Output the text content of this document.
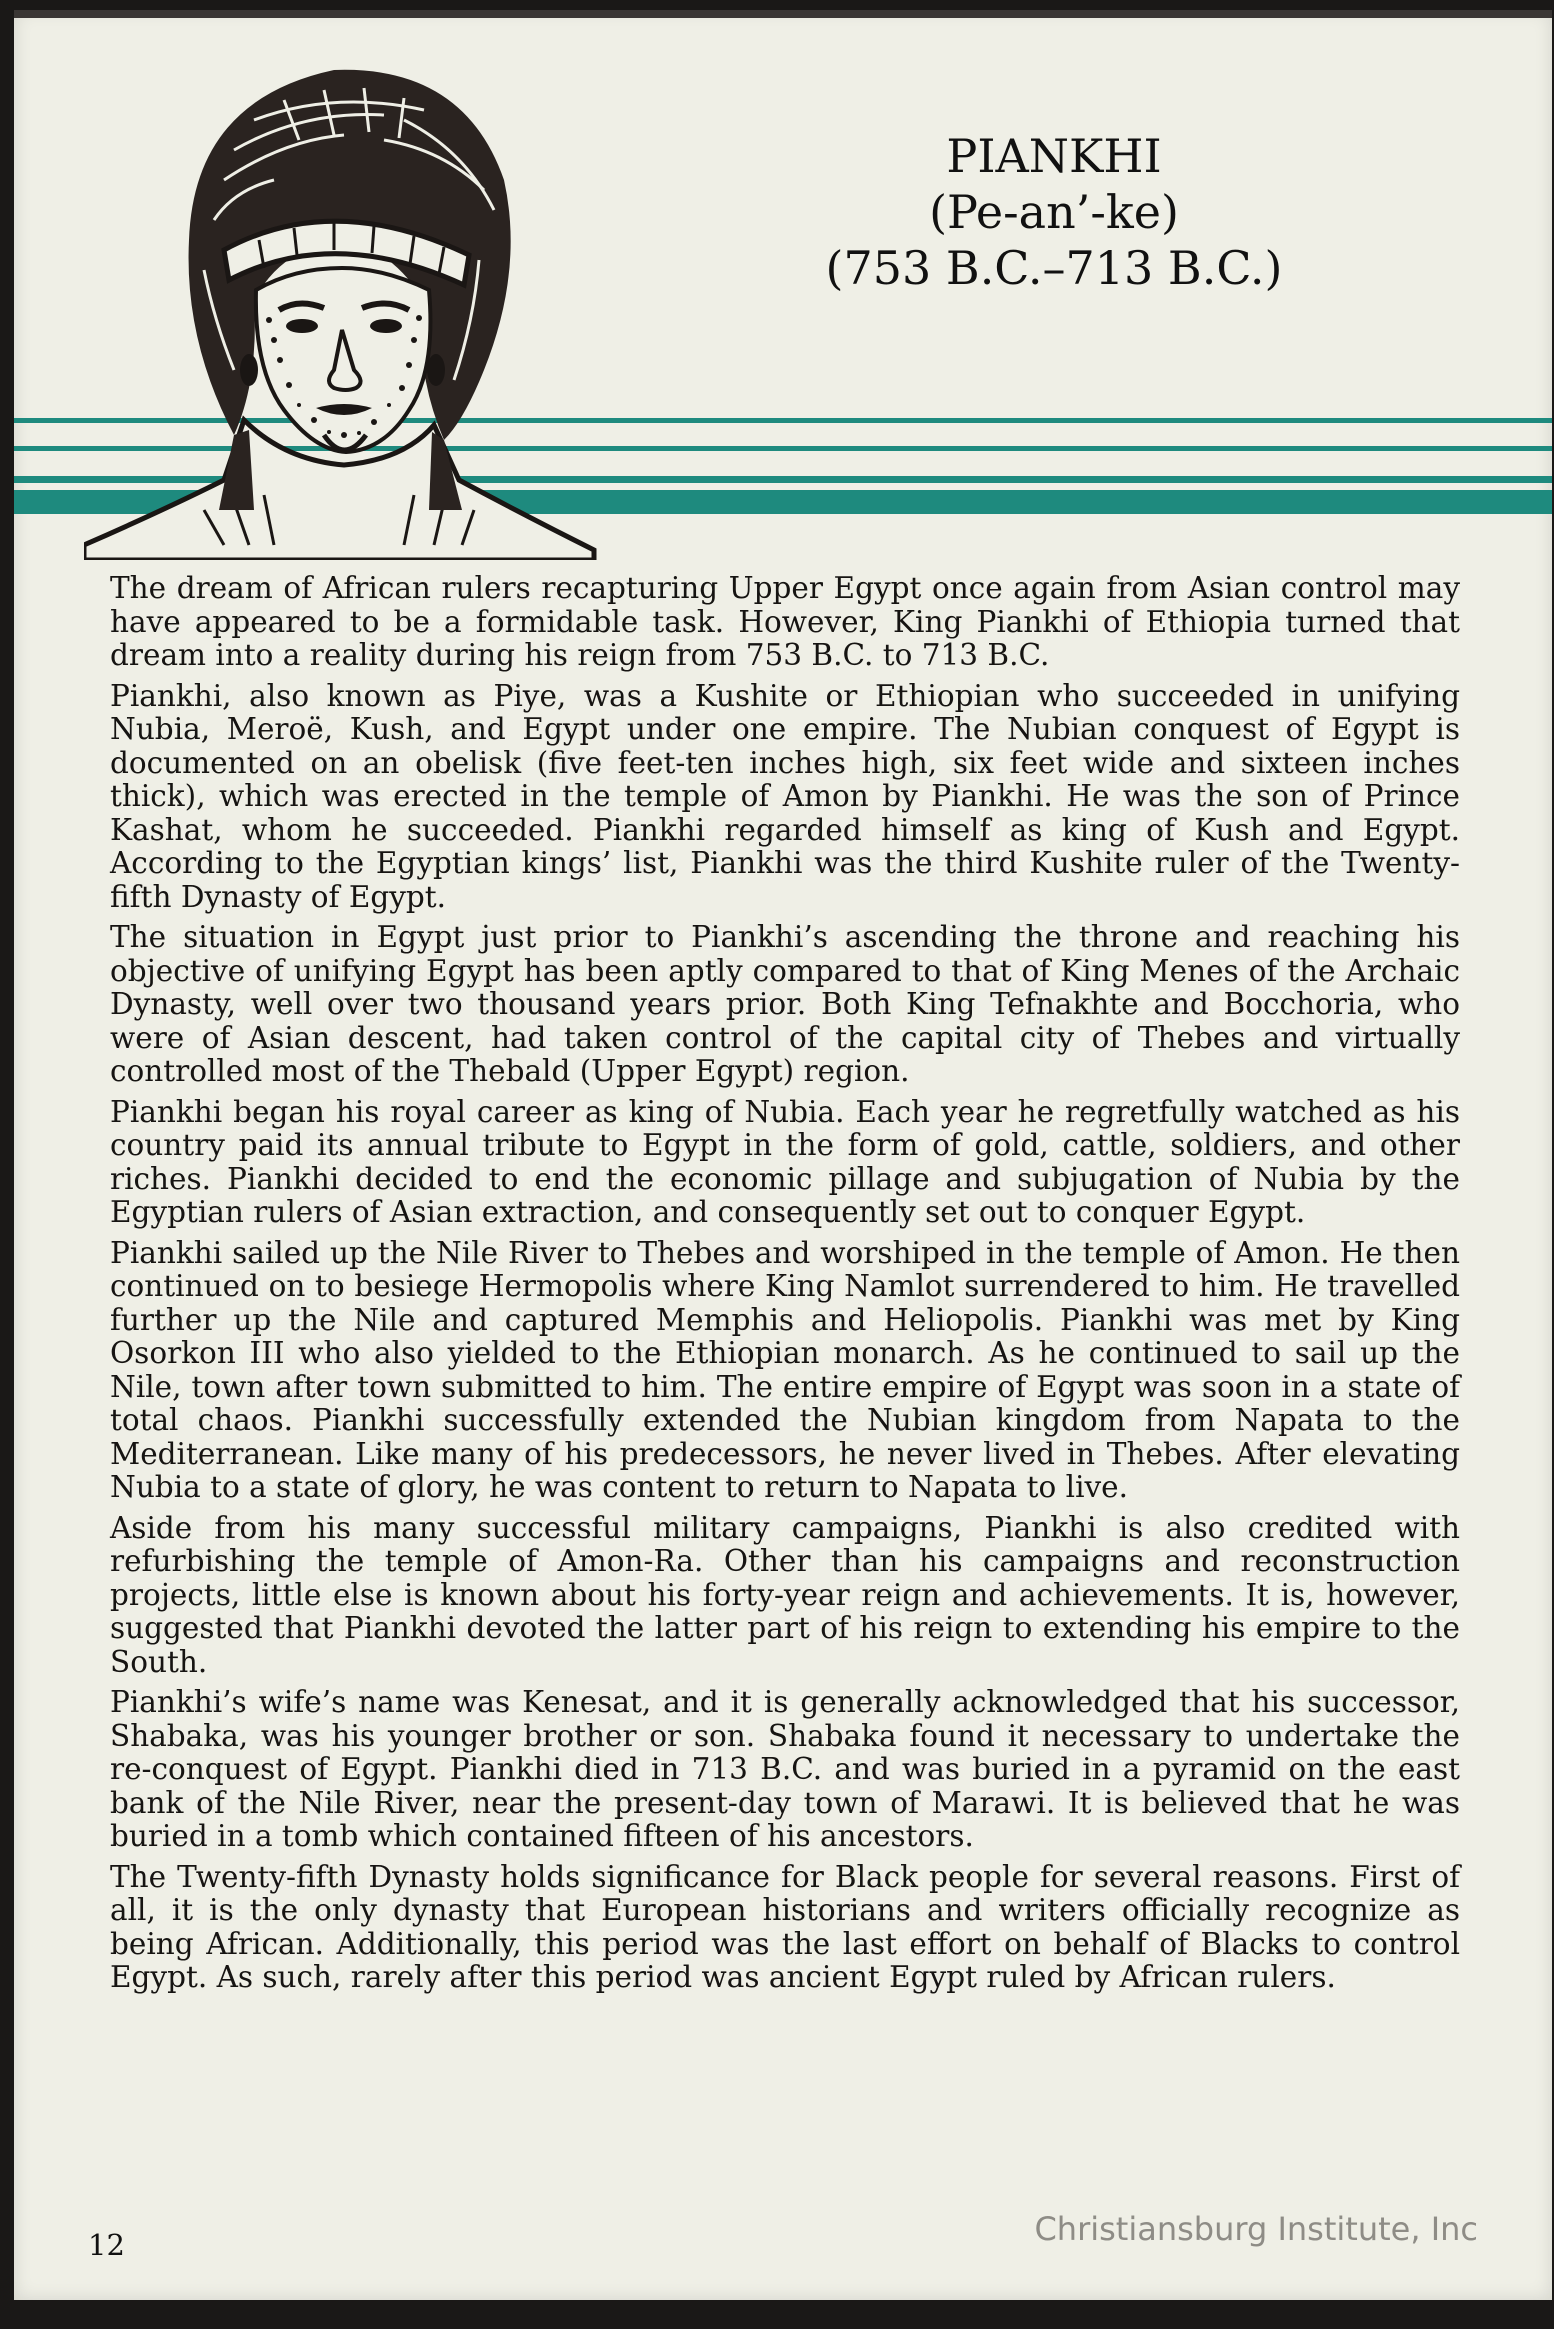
PIANKHI
(Pe-an’-ke)
(753 B.C.–713 B.C.)

The dream of African rulers recapturing Upper Egypt once again from Asian control may have appeared to be a formidable task. However, King Piankhi of Ethiopia turned that dream into a reality during his reign from 753 B.C. to 713 B.C.

Piankhi, also known as Piye, was a Kushite or Ethiopian who succeeded in unifying Nubia, Meroë, Kush, and Egypt under one empire. The Nubian conquest of Egypt is documented on an obelisk (five feet-ten inches high, six feet wide and sixteen inches thick), which was erected in the temple of Amon by Piankhi. He was the son of Prince Kashat, whom he succeeded. Piankhi regarded himself as king of Kush and Egypt. According to the Egyptian kings’ list, Piankhi was the third Kushite ruler of the Twenty-fifth Dynasty of Egypt.

The situation in Egypt just prior to Piankhi’s ascending the throne and reaching his objective of unifying Egypt has been aptly compared to that of King Menes of the Archaic Dynasty, well over two thousand years prior. Both King Tefnakhte and Bocchoria, who were of Asian descent, had taken control of the capital city of Thebes and virtually controlled most of the Thebald (Upper Egypt) region.

Piankhi began his royal career as king of Nubia. Each year he regretfully watched as his country paid its annual tribute to Egypt in the form of gold, cattle, soldiers, and other riches. Piankhi decided to end the economic pillage and subjugation of Nubia by the Egyptian rulers of Asian extraction, and consequently set out to conquer Egypt.

Piankhi sailed up the Nile River to Thebes and worshiped in the temple of Amon. He then continued on to besiege Hermopolis where King Namlot surrendered to him. He travelled further up the Nile and captured Memphis and Heliopolis. Piankhi was met by King Osorkon III who also yielded to the Ethiopian monarch. As he continued to sail up the Nile, town after town submitted to him. The entire empire of Egypt was soon in a state of total chaos. Piankhi successfully extended the Nubian kingdom from Napata to the Mediterranean. Like many of his predecessors, he never lived in Thebes. After elevating Nubia to a state of glory, he was content to return to Napata to live.

Aside from his many successful military campaigns, Piankhi is also credited with refurbishing the temple of Amon-Ra. Other than his campaigns and reconstruction projects, little else is known about his forty-year reign and achievements. It is, however, suggested that Piankhi devoted the latter part of his reign to extending his empire to the South.

Piankhi’s wife’s name was Kenesat, and it is generally acknowledged that his successor, Shabaka, was his younger brother or son. Shabaka found it necessary to undertake the re-conquest of Egypt. Piankhi died in 713 B.C. and was buried in a pyramid on the east bank of the Nile River, near the present-day town of Marawi. It is believed that he was buried in a tomb which contained fifteen of his ancestors.

The Twenty-fifth Dynasty holds significance for Black people for several reasons. First of all, it is the only dynasty that European historians and writers officially recognize as being African. Additionally, this period was the last effort on behalf of Blacks to control Egypt. As such, rarely after this period was ancient Egypt ruled by African rulers.

12	Christiansburg Institute, Inc
